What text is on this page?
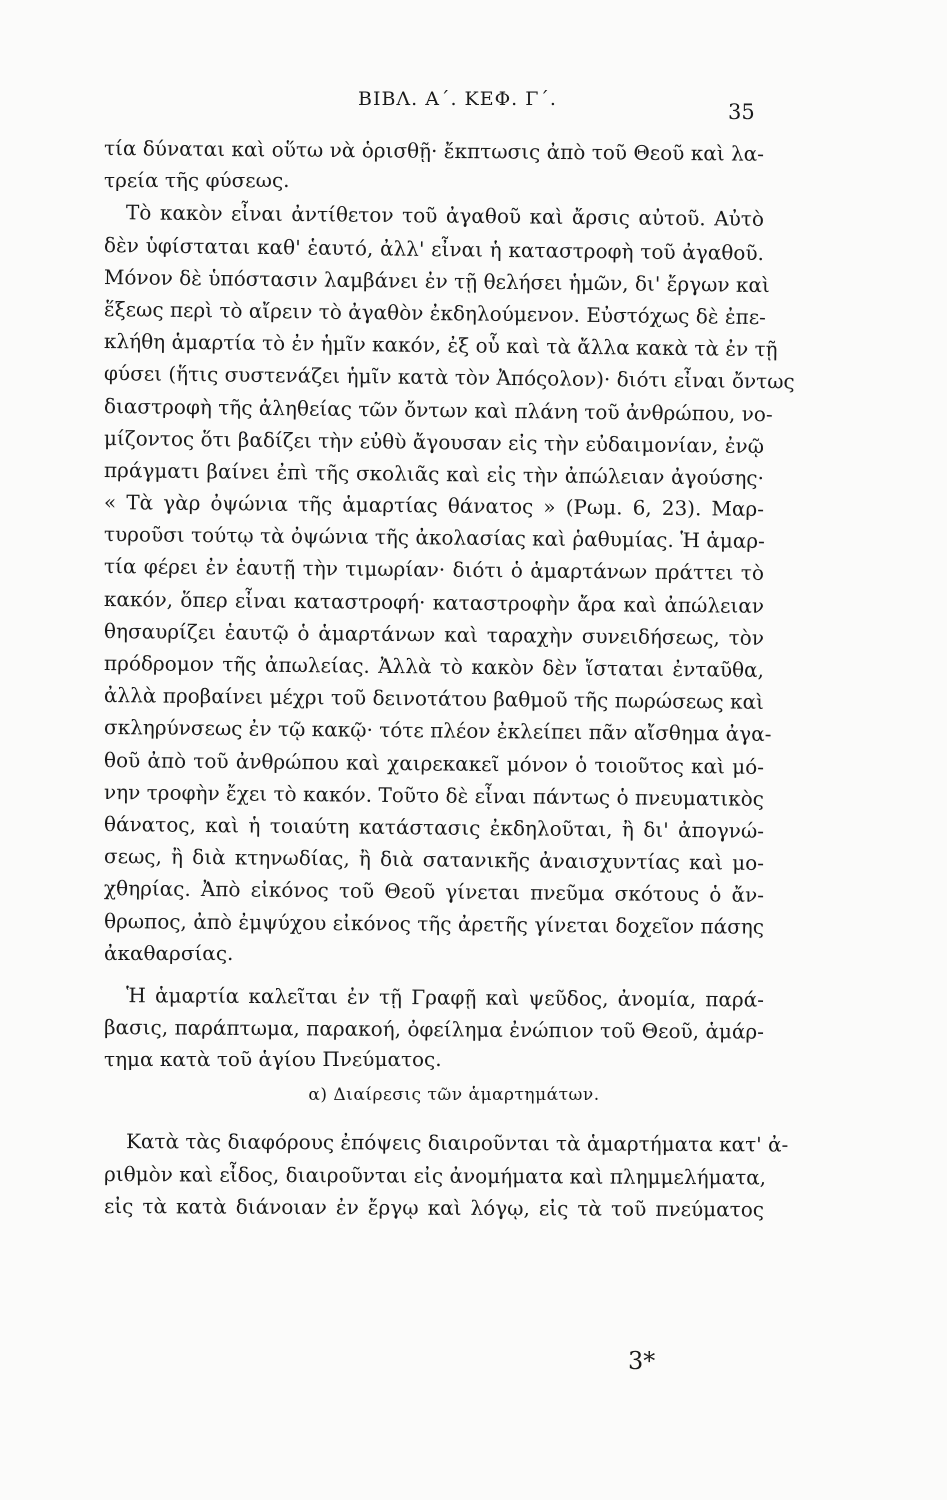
ΒΙΒΛ. Α΄. ΚΕΦ. Γ΄.
35
τία δύναται καὶ οὕτω νὰ ὁρισθῇ· ἔκπτωσις ἀπὸ τοῦ Θεοῦ καὶ λα-
τρεία τῆς φύσεως.
Τὸ κακὸν εἶναι ἀντίθετον τοῦ ἀγαθοῦ καὶ ἄρσις αὐτοῦ. Αὐτὸ
δὲν ὑφίσταται καθ' ἑαυτό, ἀλλ' εἶναι ἡ καταστροφὴ τοῦ ἀγαθοῦ.
Μόνον δὲ ὑπόστασιν λαμβάνει ἐν τῇ θελήσει ἡμῶν, δι' ἔργων καὶ
ἕξεως περὶ τὸ αἴρειν τὸ ἀγαθὸν ἐκδηλούμενον. Εὐστόχως δὲ ἐπε-
κλήθη ἁμαρτία τὸ ἐν ἡμῖν κακόν, ἐξ οὗ καὶ τὰ ἄλλα κακὰ τὰ ἐν τῇ
φύσει (ἥτις συστενάζει ἡμῖν κατὰ τὸν Ἀπόςολον)· διότι εἶναι ὄντως
διαστροφὴ τῆς ἀληθείας τῶν ὄντων καὶ πλάνη τοῦ ἀνθρώπου, νο-
μίζοντος ὅτι βαδίζει τὴν εὐθὺ ἄγουσαν εἰς τὴν εὐδαιμονίαν, ἐνῷ
πράγματι βαίνει ἐπὶ τῆς σκολιᾶς καὶ εἰς τὴν ἀπώλειαν ἀγούσης·
« Τὰ γὰρ ὀψώνια τῆς ἁμαρτίας θάνατος » (Ρωμ. 6, 23). Μαρ-
τυροῦσι τούτῳ τὰ ὀψώνια τῆς ἀκολασίας καὶ ῥαθυμίας. Ἡ ἁμαρ-
τία φέρει ἐν ἑαυτῇ τὴν τιμωρίαν· διότι ὁ ἁμαρτάνων πράττει τὸ
κακόν, ὅπερ εἶναι καταστροφή· καταστροφὴν ἄρα καὶ ἀπώλειαν
θησαυρίζει ἑαυτῷ ὁ ἁμαρτάνων καὶ ταραχὴν συνειδήσεως, τὸν
πρόδρομον τῆς ἀπωλείας. Ἀλλὰ τὸ κακὸν δὲν ἵσταται ἐνταῦθα,
ἀλλὰ προβαίνει μέχρι τοῦ δεινοτάτου βαθμοῦ τῆς πωρώσεως καὶ
σκληρύνσεως ἐν τῷ κακῷ· τότε πλέον ἐκλείπει πᾶν αἴσθημα ἀγα-
θοῦ ἀπὸ τοῦ ἀνθρώπου καὶ χαιρεκακεῖ μόνον ὁ τοιοῦτος καὶ μό-
νην τροφὴν ἔχει τὸ κακόν. Τοῦτο δὲ εἶναι πάντως ὁ πνευματικὸς
θάνατος, καὶ ἡ τοιαύτη κατάστασις ἐκδηλοῦται, ἢ δι' ἀπογνώ-
σεως, ἢ διὰ κτηνωδίας, ἢ διὰ σατανικῆς ἀναισχυντίας καὶ μο-
χθηρίας. Ἀπὸ εἰκόνος τοῦ Θεοῦ γίνεται πνεῦμα σκότους ὁ ἄν-
θρωπος, ἀπὸ ἐμψύχου εἰκόνος τῆς ἀρετῆς γίνεται δοχεῖον πάσης
ἀκαθαρσίας.
Ἡ ἁμαρτία καλεῖται ἐν τῇ Γραφῇ καὶ ψεῦδος, ἀνομία, παρά-
βασις, παράπτωμα, παρακοή, ὀφείλημα ἐνώπιον τοῦ Θεοῦ, ἁμάρ-
τημα κατὰ τοῦ ἁγίου Πνεύματος.
α) Διαίρεσις τῶν ἁμαρτημάτων.
Κατὰ τὰς διαφόρους ἐπόψεις διαιροῦνται τὰ ἁμαρτήματα κατ' ἀ-
ριθμὸν καὶ εἶδος, διαιροῦνται εἰς ἀνομήματα καὶ πλημμελήματα,
εἰς τὰ κατὰ διάνοιαν ἐν ἔργῳ καὶ λόγῳ, εἰς τὰ τοῦ πνεύματος
3*
